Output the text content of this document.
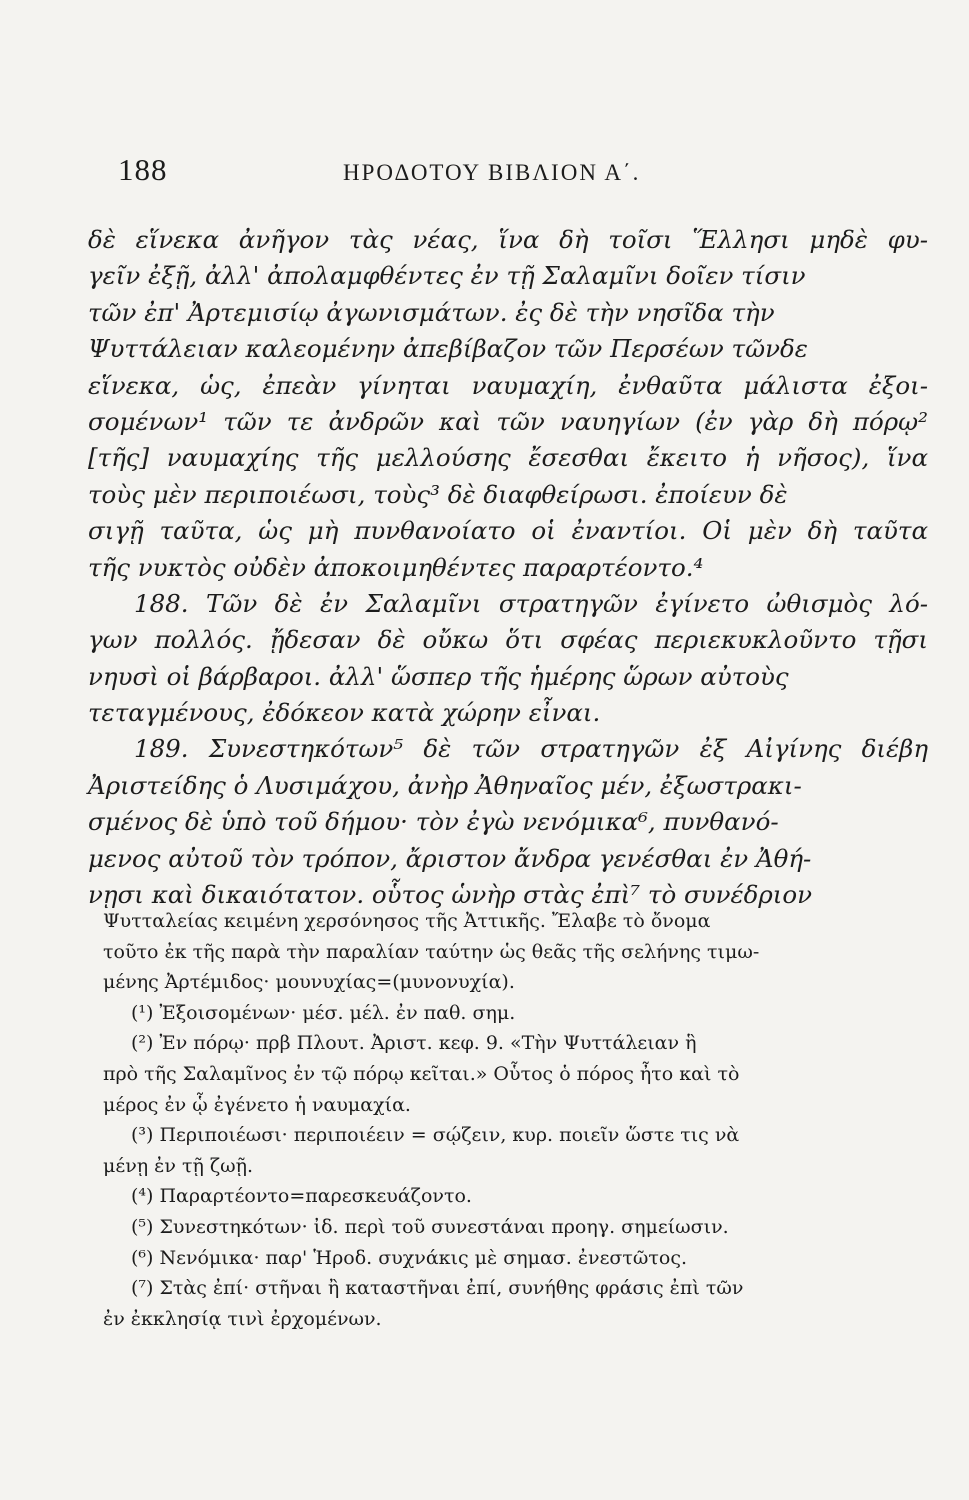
188	ΗΡΟΔΟΤΟΥ ΒΙΒΛΙΟΝ Α΄.
δὲ εἵνεκα ἀνῆγον τὰς νέας, ἵνα δὴ τοῖσι Ἕλλησι μηδὲ φυ-
γεῖν ἐξῇ, ἀλλ' ἀπολαμφθέντες ἐν τῇ Σαλαμῖνι δοῖεν τίσιν
τῶν ἐπ' Ἀρτεμισίῳ ἀγωνισμάτων. ἐς δὲ τὴν νησῖδα τὴν
Ψυττάλειαν καλεομένην ἀπεβίβαζον τῶν Περσέων τῶνδε
εἵνεκα, ὡς, ἐπεὰν γίνηται ναυμαχίη, ἐνθαῦτα μάλιστα ἐξοι-
σομένων¹ τῶν τε ἀνδρῶν καὶ τῶν ναυηγίων (ἐν γὰρ δὴ πόρῳ²
[τῆς] ναυμαχίης τῆς μελλούσης ἔσεσθαι ἔκειτο ἡ νῆσος), ἵνα
τοὺς μὲν περιποιέωσι, τοὺς³ δὲ διαφθείρωσι. ἐποίευν δὲ
σιγῇ ταῦτα, ὡς μὴ πυνθανοίατο οἱ ἐναντίοι. Οἱ μὲν δὴ ταῦτα
τῆς νυκτὸς οὐδὲν ἀποκοιμηθέντες παραρτέοντο.⁴
188. Τῶν δὲ ἐν Σαλαμῖνι στρατηγῶν ἐγίνετο ὠθισμὸς λό-
γων πολλός. ᾔδεσαν δὲ οὔκω ὅτι σφέας περιεκυκλοῦντο τῇσι
νηυσὶ οἱ βάρβαροι. ἀλλ' ὥσπερ τῆς ἡμέρης ὥρων αὐτοὺς
τεταγμένους, ἐδόκεον κατὰ χώρην εἶναι.
189. Συνεστηκότων⁵ δὲ τῶν στρατηγῶν ἐξ Αἰγίνης διέβη
Ἀριστείδης ὁ Λυσιμάχου, ἀνὴρ Ἀθηναῖος μέν, ἐξωστρακι-
σμένος δὲ ὑπὸ τοῦ δήμου· τὸν ἐγὼ νενόμικα⁶, πυνθανό-
μενος αὐτοῦ τὸν τρόπον, ἄριστον ἄνδρα γενέσθαι ἐν Ἀθή-
νῃσι καὶ δικαιότατον. οὗτος ὡνὴρ στὰς ἐπὶ⁷ τὸ συνέδριον
Ψυτταλείας κειμένη χερσόνησος τῆς Ἀττικῆς. Ἔλαβε τὸ ὄνομα
τοῦτο ἐκ τῆς παρὰ τὴν παραλίαν ταύτην ὡς θεᾶς τῆς σελήνης τιμω-
μένης Ἀρτέμιδος· μουνυχίας=(μυνονυχία).
(¹) Ἐξοισομένων· μέσ. μέλ. ἐν παθ. σημ.
(²) Ἐν πόρῳ· πρβ Πλουτ. Ἀριστ. κεφ. 9. «Τὴν Ψυττάλειαν ἣ
πρὸ τῆς Σαλαμῖνος ἐν τῷ πόρῳ κεῖται.» Οὗτος ὁ πόρος ἦτο καὶ τὸ
μέρος ἐν ᾧ ἐγένετο ἡ ναυμαχία.
(³) Περιποιέωσι· περιποιέειν = σῴζειν, κυρ. ποιεῖν ὥστε τις νὰ
μένῃ ἐν τῇ ζωῇ.
(⁴) Παραρτέοντο=παρεσκευάζοντο.
(⁵) Συνεστηκότων· ἰδ. περὶ τοῦ συνεστάναι προηγ. σημείωσιν.
(⁶) Νενόμικα· παρ' Ἡροδ. συχνάκις μὲ σημασ. ἐνεστῶτος.
(⁷) Στὰς ἐπί· στῆναι ἢ καταστῆναι ἐπί, συνήθης φράσις ἐπὶ τῶν
ἐν ἐκκλησίᾳ τινὶ ἐρχομένων.
